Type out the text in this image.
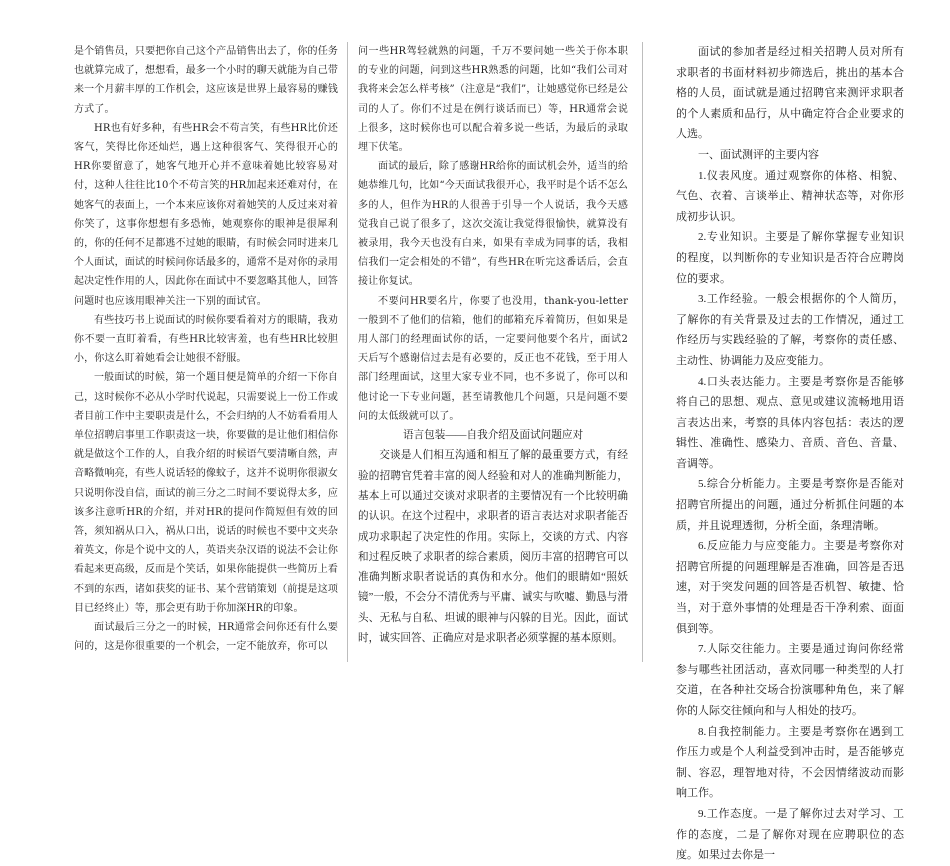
是个销售员，只要把你自己这个产品销售出去了，你的任务也就算完成了，想想看，最多一个小时的聊天就能为自己带来一个月薪丰厚的工作机会，这应该是世界上最容易的赚钱方式了。

HR也有好多种，有些HR会不苟言笑，有些HR比价还客气，笑得比你还灿烂，遇上这种很客气、笑得很开心的HR你要留意了，她客气地开心并不意味着她比较容易对付，这种人往往比10个不苟言笑的HR加起来还难对付，在她客气的表面上，一个本来应该你对着她笑的人反过来对着你笑了，这事你想想有多恐怖，她观察你的眼神是很犀利的，你的任何不足都逃不过她的眼睛，有时候会同时进来几个人面试，面试的时候问你话最多的，通常不是对你的录用起决定性作用的人，因此你在面试中不要忽略其他人，回答问题时也应该用眼神关注一下别的面试官。

有些技巧书上说面试的时候你要看着对方的眼睛，我劝你不要一直盯着看，有些HR比较害羞，也有些HR比较胆小，你这么盯着她看会让她很不舒服。

一般面试的时候，第一个题目便是简单的介绍一下你自己，这时候你不必从小学时代说起，只需要说上一份工作或者目前工作中主要职责是什么，不会归纳的人不妨看看用人单位招聘启事里工作职责这一块，你要做的是让他们相信你就是做这个工作的人，自我介绍的时候语气要清晰自然，声音略微响亮，有些人说话轻的像蚊子，这并不说明你很淑女只说明你没自信，面试的前三分之二时间不要说得太多，应该多注意听HR的介绍，并对HR的提问作简短但有效的回答，须知祸从口入，祸从口出，说话的时候也不要中文夹杂着英文，你是个说中文的人，英语夹杂汉语的说法不会让你看起来更高级，反而是个笑话，如果你能提供一些简历上看不到的东西，诸如获奖的证书、某个营销策划（前提是这项目已经终止）等，那会更有助于你加深HR的印象。

面试最后三分之一的时候，HR通常会问你还有什么要问的，这是你很重要的一个机会，一定不能放弃，你可以

问一些HR驾轻就熟的问题，千万不要问她一些关于你本职的专业的问题，问到这些HR熟悉的问题，比如“我们公司对我将来会怎么样考核”（注意是“我们”，让她感觉你已经是公司的人了。你们不过是在例行谈话而已）等，HR通常会说上很多，这时候你也可以配合着多说一些话，为最后的录取埋下伏笔。

面试的最后，除了感谢HR给你的面试机会外，适当的给她恭维几句，比如“今天面试我很开心，我平时是个话不怎么多的人，但作为HR的人很善于引导一个人说话，我今天感觉我自己说了很多了，这次交流让我觉得很愉快，就算没有被录用，我今天也没有白来，如果有幸成为同事的话，我相信我们一定会相处的不错”，有些HR在听完这番话后，会直接让你复试。

不要问HR要名片，你要了也没用，thank-you-letter一般到不了他们的信箱，他们的邮箱充斥着简历，但如果是用人部门的经理面试你的话，一定要问他要个名片，面试2天后写个感谢信过去是有必要的，反正也不花钱，至于用人部门经理面试，这里大家专业不同，也不多说了，你可以和他讨论一下专业问题，甚至请教他几个问题，只是问题不要问的太低级就可以了。

语言包装——自我介绍及面试问题应对

交谈是人们相互沟通和相互了解的最重要方式，有经验的招聘官凭着丰富的阅人经验和对人的准确判断能力，基本上可以通过交谈对求职者的主要情况有一个比较明确的认识。在这个过程中，求职者的语言表达对求职者能否成功求职起了决定性的作用。实际上，交谈的方式、内容和过程反映了求职者的综合素质，阅历丰富的招聘官可以准确判断求职者说话的真伪和水分。他们的眼睛如“照妖镜”一般，不会分不清优秀与平庸、诚实与吹嘘、勤恳与滑头、无私与自私、坦诚的眼神与闪躲的目光。因此，面试时，诚实回答、正确应对是求职者必须掌握的基本原则。

面试的参加者是经过相关招聘人员对所有求职者的书面材料初步筛选后，挑出的基本合格的人员，面试就是通过招聘官来测评求职者的个人素质和品行，从中确定符合企业要求的人选。

一、面试测评的主要内容

1.仪表风度。通过观察你的体格、相貌、气色、衣着、言谈举止、精神状态等，对你形成初步认识。

2.专业知识。主要是了解你掌握专业知识的程度，以判断你的专业知识是否符合应聘岗位的要求。

3.工作经验。一般会根据你的个人简历，了解你的有关背景及过去的工作情况，通过工作经历与实践经验的了解，考察你的责任感、主动性、协调能力及应变能力。

4.口头表达能力。主要是考察你是否能够将自己的思想、观点、意见或建议流畅地用语言表达出来，考察的具体内容包括：表达的逻辑性、准确性、感染力、音质、音色、音量、音调等。

5.综合分析能力。主要是考察你是否能对招聘官所提出的问题，通过分析抓住问题的本质，并且说理透彻，分析全面，条理清晰。

6.反应能力与应变能力。主要是考察你对招聘官所提的问题理解是否准确，回答是否迅速，对于突发问题的回答是否机智、敏捷、恰当，对于意外事情的处理是否干净利索、面面俱到等。

7.人际交往能力。主要是通过询问你经常参与哪些社团活动，喜欢同哪一种类型的人打交道，在各种社交场合扮演哪种角色，来了解你的人际交往倾向和与人相处的技巧。

8.自我控制能力。主要是考察你在遇到工作压力或是个人利益受到冲击时，是否能够克制、容忍，理智地对待，不会因情绪波动而影响工作。

9.工作态度。一是了解你过去对学习、工作的态度，二是了解你对现在应聘职位的态度。如果过去你是一
